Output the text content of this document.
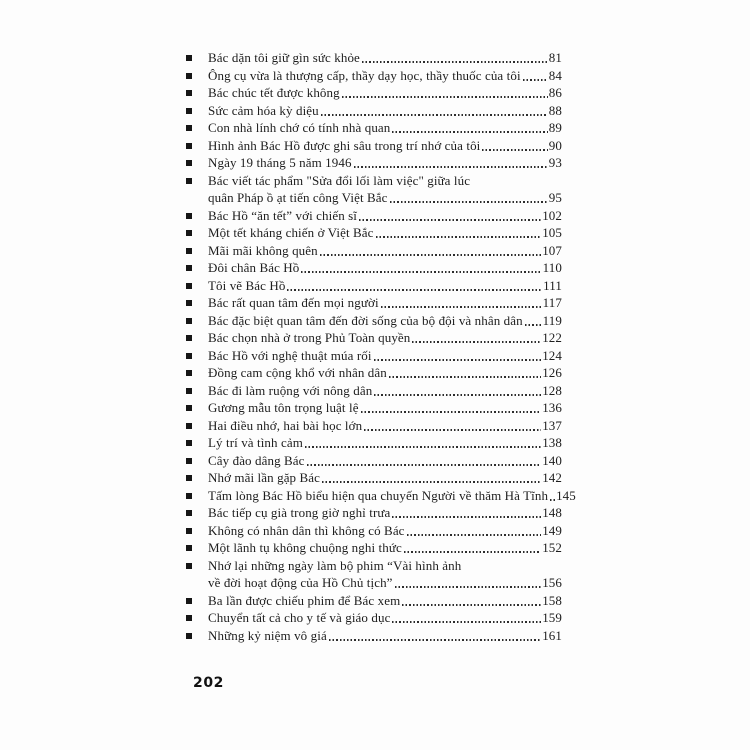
Bác dặn tôi giữ gìn sức khỏe	81
Ông cụ vừa là thượng cấp, thầy dạy học, thầy thuốc của tôi 84
Bác chúc tết được không	86
Sức cảm hóa kỳ diệu	88
Con nhà lính chớ có tính nhà quan	89
Hình ảnh Bác Hồ được ghi sâu trong trí nhớ của tôi	90
Ngày 19 tháng 5 năm 1946	93
Bác viết tác phẩm "Sửa đổi lối làm việc" giữa lúc
quân Pháp ồ ạt tiến công Việt Bắc	95
Bác Hồ “ăn tết” với chiến sĩ	102
Một tết kháng chiến ở Việt Bắc	105
Mãi mãi không quên	107
Đôi chân Bác Hồ	110
Tôi vẽ Bác Hồ	111
Bác rất quan tâm đến mọi người	117
Bác đặc biệt quan tâm đến đời sống của bộ đội và nhân dân 119
Bác chọn nhà ở trong Phủ Toàn quyền	122
Bác Hồ với nghệ thuật múa rối	124
Đồng cam cộng khổ với nhân dân	126
Bác đi làm ruộng với nông dân	128
Gương mẫu tôn trọng luật lệ	136
Hai điều nhớ, hai bài học lớn	137
Lý trí và tình cảm	138
Cây đào dâng Bác	140
Nhớ mãi lần gặp Bác	142
Tấm lòng Bác Hồ biểu hiện qua chuyến Người về thăm Hà Tĩnh 145
Bác tiếp cụ già trong giờ nghỉ trưa	148
Không có nhân dân thì không có Bác	149
Một lãnh tụ không chuộng nghi thức	152
Nhớ lại những ngày làm bộ phim “Vài hình ảnh
về đời hoạt động của Hồ Chủ tịch”	156
Ba lần được chiếu phim để Bác xem	158
Chuyển tất cả cho y tế và giáo dục	159
Những kỷ niệm vô giá	161
202
